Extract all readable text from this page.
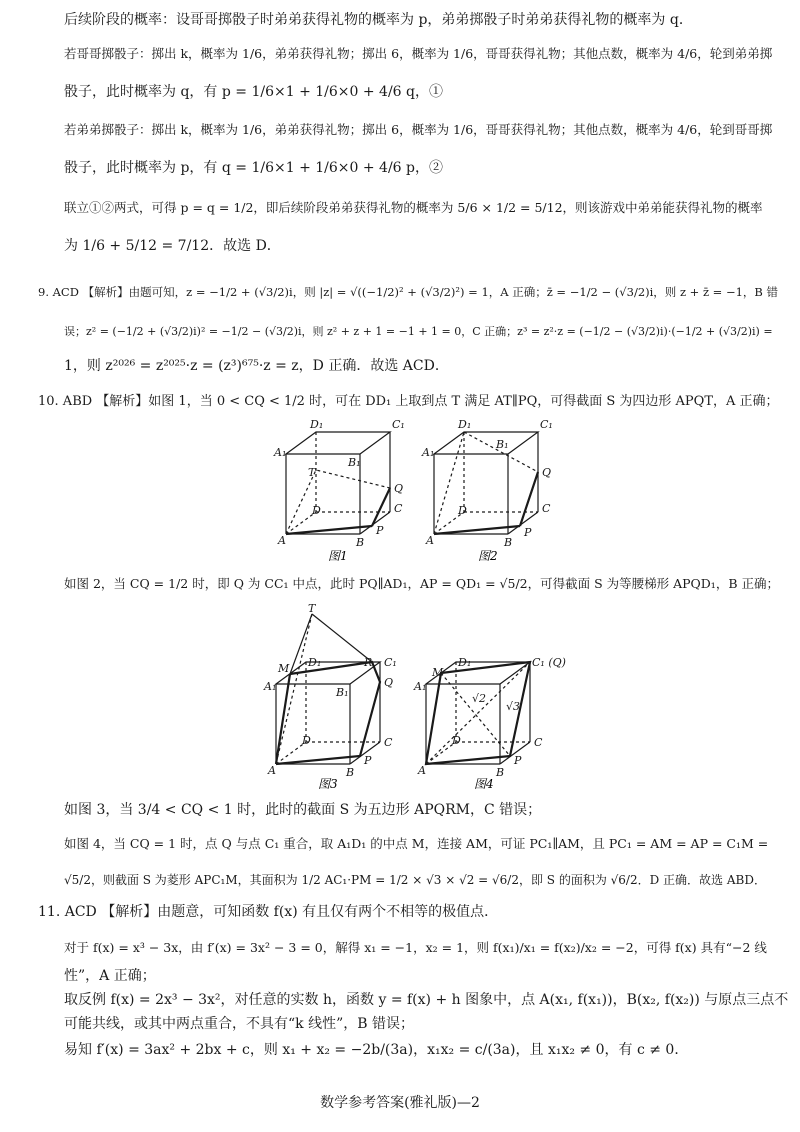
后续阶段的概率：设哥哥掷骰子时弟弟获得礼物的概率为 p，弟弟掷骰子时弟弟获得礼物的概率为 q．
若哥哥掷骰子：掷出 k，概率为 1/6，弟弟获得礼物；掷出 6，概率为 1/6，哥哥获得礼物；其他点数，概率为 4/6，轮到弟弟掷
骰子，此时概率为 q，有 p = 1/6×1 + 1/6×0 + 4/6 q，①
若弟弟掷骰子：掷出 k，概率为 1/6，弟弟获得礼物；掷出 6，概率为 1/6，哥哥获得礼物；其他点数，概率为 4/6，轮到哥哥掷
骰子，此时概率为 p，有 q = 1/6×1 + 1/6×0 + 4/6 p，②
联立①②两式，可得 p = q = 1/2，即后续阶段弟弟获得礼物的概率为 5/6 × 1/2 = 5/12，则该游戏中弟弟能获得礼物的概率
为 1/6 + 5/12 = 7/12．故选 D．
9. ACD 【解析】由题可知，z = −1/2 + (√3/2)i，则 |z| = √((−1/2)² + (√3/2)²) = 1，A 正确；z̄ = −1/2 − (√3/2)i，则 z + z̄ = −1，B 错
误；z² = (−1/2 + (√3/2)i)² = −1/2 − (√3/2)i，则 z² + z + 1 = −1 + 1 = 0，C 正确；z³ = z²·z = (−1/2 − (√3/2)i)·(−1/2 + (√3/2)i) =
1，则 z²⁰²⁶ = z²⁰²⁵·z = (z³)⁶⁷⁵·z = z，D 正确．故选 ACD．
10. ABD 【解析】如图 1，当 0 < CQ < 1/2 时，可在 DD₁ 上取到点 T 满足 AT∥PQ，可得截面 S 为四边形 APQT，A 正确；
A₁
D₁	C₁
B₁
T
Q
D	C
P
A	B
A₁
D₁	C₁
B₁
Q
D	C
P
A	B
图1	图2
如图 2，当 CQ = 1/2 时，即 Q 为 CC₁ 中点，此时 PQ∥AD₁，AP = QD₁ = √5/2，可得截面 S 为等腰梯形 APQD₁，B 正确；
T
M D₁	R C₁
A₁	B₁
Q
D	C
P
A	B
D₁	C₁ (Q)
A₁
M
√2
√3
D	C
P
A	B
图3	图4
如图 3，当 3/4 < CQ < 1 时，此时的截面 S 为五边形 APQRM，C 错误；
如图 4，当 CQ = 1 时，点 Q 与点 C₁ 重合，取 A₁D₁ 的中点 M，连接 AM，可证 PC₁∥AM，且 PC₁ = AM = AP = C₁M =
√5/2，则截面 S 为菱形 APC₁M，其面积为 1/2 AC₁·PM = 1/2 × √3 × √2 = √6/2，即 S 的面积为 √6/2．D 正确．故选 ABD．
11. ACD 【解析】由题意，可知函数 f(x) 有且仅有两个不相等的极值点．
对于 f(x) = x³ − 3x，由 f′(x) = 3x² − 3 = 0，解得 x₁ = −1，x₂ = 1，则 f(x₁)/x₁ = f(x₂)/x₂ = −2，可得 f(x) 具有“−2 线
性”，A 正确；
取反例 f(x) = 2x³ − 3x²，对任意的实数 h，函数 y = f(x) + h 图象中，点 A(x₁, f(x₁))，B(x₂, f(x₂)) 与原点三点不
可能共线，或其中两点重合，不具有“k 线性”，B 错误；
易知 f′(x) = 3ax² + 2bx + c，则 x₁ + x₂ = −2b/(3a)，x₁x₂ = c/(3a)，且 x₁x₂ ≠ 0，有 c ≠ 0．
数学参考答案(雅礼版)—2
